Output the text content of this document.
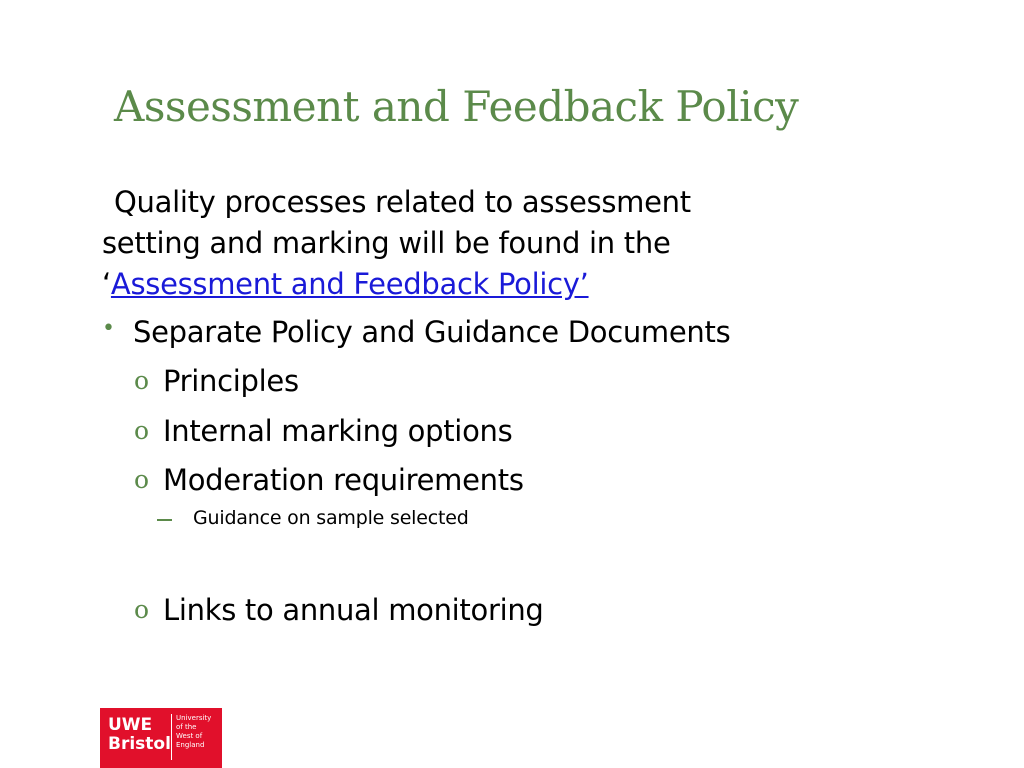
Assessment and Feedback Policy
Quality processes related to assessment
setting and marking will be found in the
‘Assessment and Feedback Policy’
• Separate Policy and Guidance Documents
o Principles
o Internal marking options
o Moderation requirements
Guidance on sample selected
o Links to annual monitoring
UWE
Bristol
University
of the
West of
England
